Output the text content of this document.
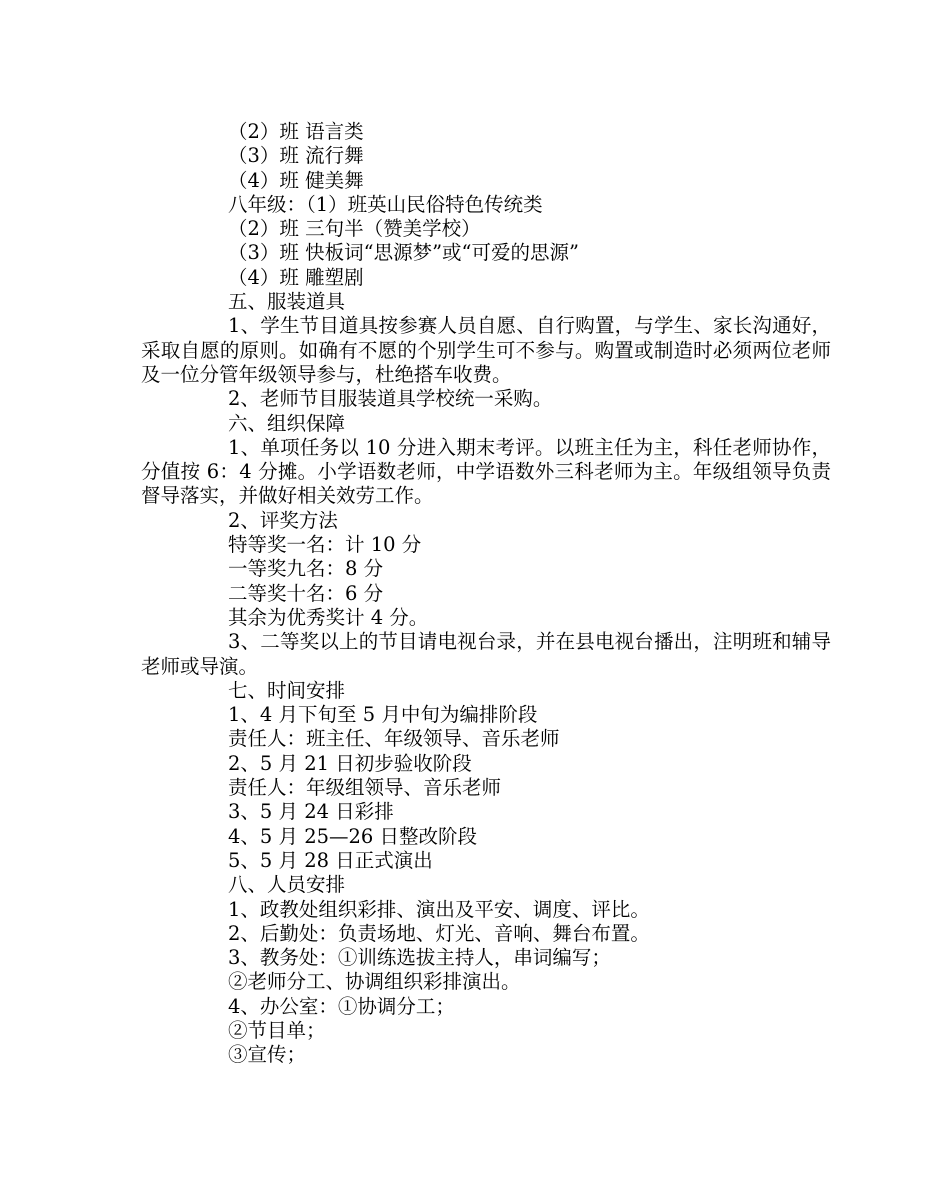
（2）班 语言类

（3）班 流行舞

（4）班 健美舞

八年级：（1）班英山民俗特色传统类

（2）班 三句半（赞美学校）

（3）班 快板词“思源梦”或“可爱的思源”

（4）班 雕塑剧

五、服装道具

1、学生节目道具按参赛人员自愿、自行购置，与学生、家长沟通好，采取自愿的原则。如确有不愿的个别学生可不参与。购置或制造时必须两位老师及一位分管年级领导参与，杜绝搭车收费。

2、老师节目服装道具学校统一采购。

六、组织保障

1、单项任务以 10 分进入期末考评。以班主任为主，科任老师协作，分值按 6：4 分摊。小学语数老师，中学语数外三科老师为主。年级组领导负责督导落实，并做好相关效劳工作。

2、评奖方法

特等奖一名：计 10 分

一等奖九名：8 分

二等奖十名：6 分

其余为优秀奖计 4 分。

3、二等奖以上的节目请电视台录，并在县电视台播出，注明班和辅导老师或导演。

七、时间安排

1、4 月下旬至 5 月中旬为编排阶段

责任人：班主任、年级领导、音乐老师

2、5 月 21 日初步验收阶段

责任人：年级组领导、音乐老师

3、5 月 24 日彩排

4、5 月 25—26 日整改阶段

5、5 月 28 日正式演出

八、人员安排

1、政教处组织彩排、演出及平安、调度、评比。

2、后勤处：负责场地、灯光、音响、舞台布置。

3、教务处：①训练选拔主持人，串词编写；

②老师分工、协调组织彩排演出。

4、办公室：①协调分工；

②节目单；

③宣传；
